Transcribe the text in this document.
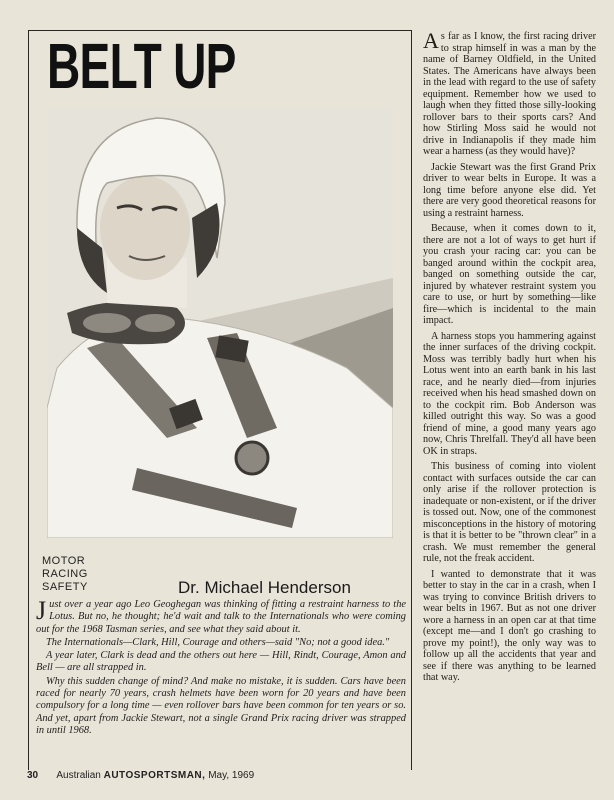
BELT UP
MOTOR
RACING
SAFETY	Dr. Michael Henderson

Just over a year ago Leo Geoghegan was thinking of fitting a restraint harness to the Lotus. But no, he thought; he'd wait and talk to the Internationals who were coming out for the 1968 Tasman series, and see what they said about it.

The Internationals—Clark, Hill, Courage and others—said "No; not a good idea."

A year later, Clark is dead and the others out here — Hill, Rindt, Courage, Amon and Bell — are all strapped in.

Why this sudden change of mind? And make no mistake, it is sudden. Cars have been raced for nearly 70 years, crash helmets have been worn for 20 years and have been compulsory for a long time — even rollover bars have been common for ten years or so. And yet, apart from Jackie Stewart, not a single Grand Prix racing driver was strapped in until 1968.

As far as I know, the first racing driver to strap himself in was a man by the name of Barney Oldfield, in the United States. The Americans have always been in the lead with regard to the use of safety equipment. Remember how we used to laugh when they fitted those silly-looking rollover bars to their sports cars? And how Stirling Moss said he would not drive in Indianapolis if they made him wear a harness (as they would have)?

Jackie Stewart was the first Grand Prix driver to wear belts in Europe. It was a long time before anyone else did. Yet there are very good theoretical reasons for using a restraint harness.

Because, when it comes down to it, there are not a lot of ways to get hurt if you crash your racing car: you can be banged around within the cockpit area, banged on something outside the car, injured by whatever restraint system you care to use, or hurt by something—like fire—which is incidental to the main impact.

A harness stops you hammering against the inner surfaces of the driving cockpit. Moss was terribly badly hurt when his Lotus went into an earth bank in his last race, and he nearly died—from injuries received when his head smashed down on to the cockpit rim. Bob Anderson was killed outright this way. So was a good friend of mine, a good many years ago now, Chris Threlfall. They'd all have been OK in straps.

This business of coming into violent contact with surfaces outside the car can only arise if the rollover protection is inadequate or non-existent, or if the driver is tossed out. Now, one of the commonest misconceptions in the history of motoring is that it is better to be "thrown clear" in a crash. We must remember the general rule, not the freak accident.

I wanted to demonstrate that it was better to stay in the car in a crash, when I was trying to convince British drivers to wear belts in 1967. But as not one driver wore a harness in an open car at that time (except me—and I don't go crashing to prove my point!), the only way was to follow up all the accidents that year and see if there was anything to be learned that way.

30 Australian AUTOSPORTSMAN, May, 1969
